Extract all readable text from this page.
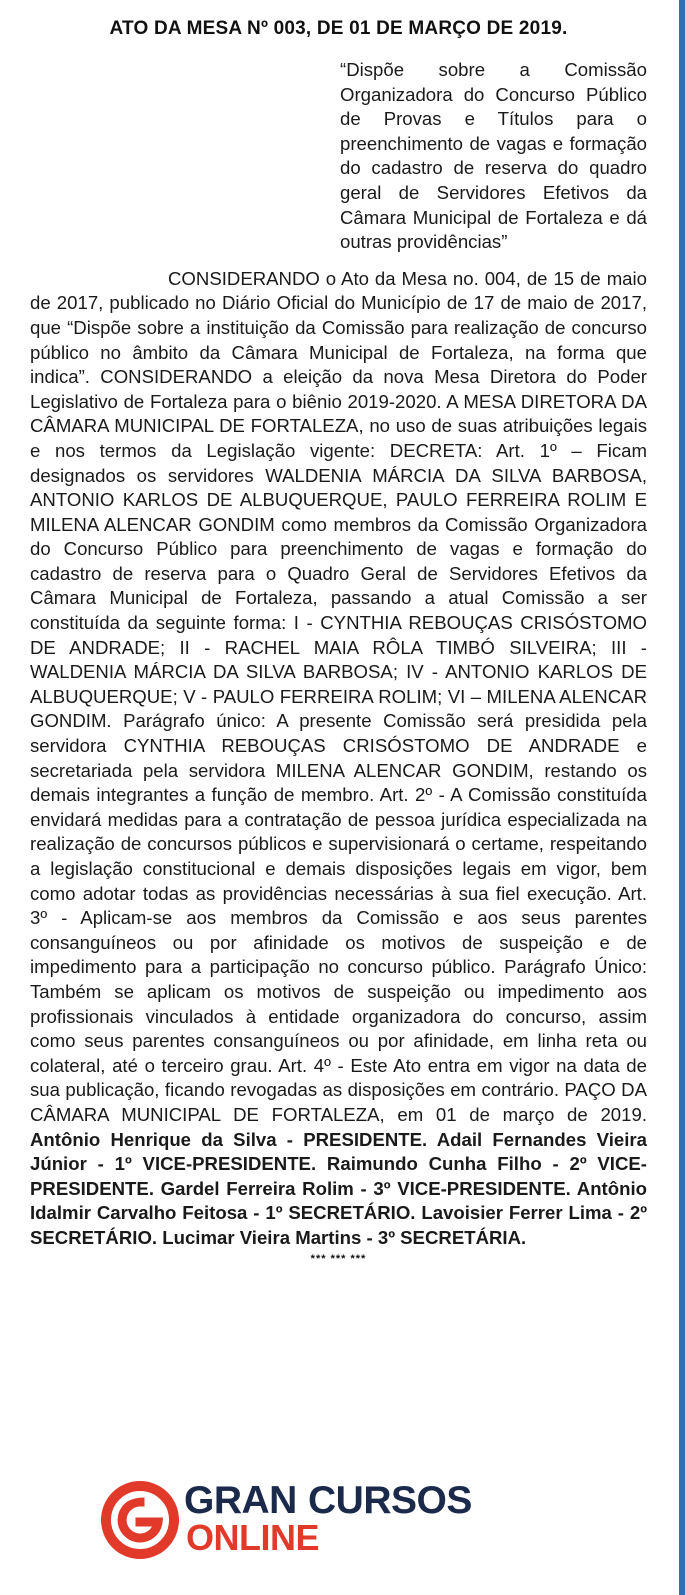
ATO DA MESA Nº 003, DE 01 DE MARÇO DE 2019.
“Dispõe sobre a Comissão Organizadora do Concurso Público de Provas e Títulos para o preenchimento de vagas e formação do cadastro de reserva do quadro geral de Servidores Efetivos da Câmara Municipal de Fortaleza e dá outras providências”

CONSIDERANDO o Ato da Mesa no. 004, de 15 de maio de 2017, publicado no Diário Oficial do Município de 17 de maio de 2017, que “Dispõe sobre a instituição da Comissão para realização de concurso público no âmbito da Câmara Municipal de Fortaleza, na forma que indica”. CONSIDERANDO a eleição da nova Mesa Diretora do Poder Legislativo de Fortaleza para o biênio 2019-2020. A MESA DIRETORA DA CÂMARA MUNICIPAL DE FORTALEZA, no uso de suas atribuições legais e nos termos da Legislação vigente: DECRETA: Art. 1º – Ficam designados os servidores WALDENIA MÁRCIA DA SILVA BARBOSA, ANTONIO KARLOS DE ALBUQUERQUE, PAULO FERREIRA ROLIM E MILENA ALENCAR GONDIM como membros da Comissão Organizadora do Concurso Público para preenchimento de vagas e formação do cadastro de reserva para o Quadro Geral de Servidores Efetivos da Câmara Municipal de Fortaleza, passando a atual Comissão a ser constituída da seguinte forma: I - CYNTHIA REBOUÇAS CRISÓSTOMO DE ANDRADE; II - RACHEL MAIA RÔLA TIMBÓ SILVEIRA; III - WALDENIA MÁRCIA DA SILVA BARBOSA; IV - ANTONIO KARLOS DE ALBUQUERQUE; V - PAULO FERREIRA ROLIM; VI – MILENA ALENCAR GONDIM. Parágrafo único: A presente Comissão será presidida pela servidora CYNTHIA REBOUÇAS CRISÓSTOMO DE ANDRADE e secretariada pela servidora MILENA ALENCAR GONDIM, restando os demais integrantes a função de membro. Art. 2º - A Comissão constituída envidará medidas para a contratação de pessoa jurídica especializada na realização de concursos públicos e supervisionará o certame, respeitando a legislação constitucional e demais disposições legais em vigor, bem como adotar todas as providências necessárias à sua fiel execução. Art. 3º - Aplicam-se aos membros da Comissão e aos seus parentes consanguíneos ou por afinidade os motivos de suspeição e de impedimento para a participação no concurso público. Parágrafo Único: Também se aplicam os motivos de suspeição ou impedimento aos profissionais vinculados à entidade organizadora do concurso, assim como seus parentes consanguíneos ou por afinidade, em linha reta ou colateral, até o terceiro grau. Art. 4º - Este Ato entra em vigor na data de sua publicação, ficando revogadas as disposições em contrário. PAÇO DA CÂMARA MUNICIPAL DE FORTALEZA, em 01 de março de 2019. Antônio Henrique da Silva - PRESIDENTE. Adail Fernandes Vieira Júnior - 1º VICE-PRESIDENTE. Raimundo Cunha Filho - 2º VICE-PRESIDENTE. Gardel Ferreira Rolim - 3º VICE-PRESIDENTE. Antônio Idalmir Carvalho Feitosa - 1º SECRETÁRIO. Lavoisier Ferrer Lima - 2º SECRETÁRIO. Lucimar Vieira Martins - 3º SECRETÁRIA.

*** *** ***
GRAN CURSOS
ONLINE
